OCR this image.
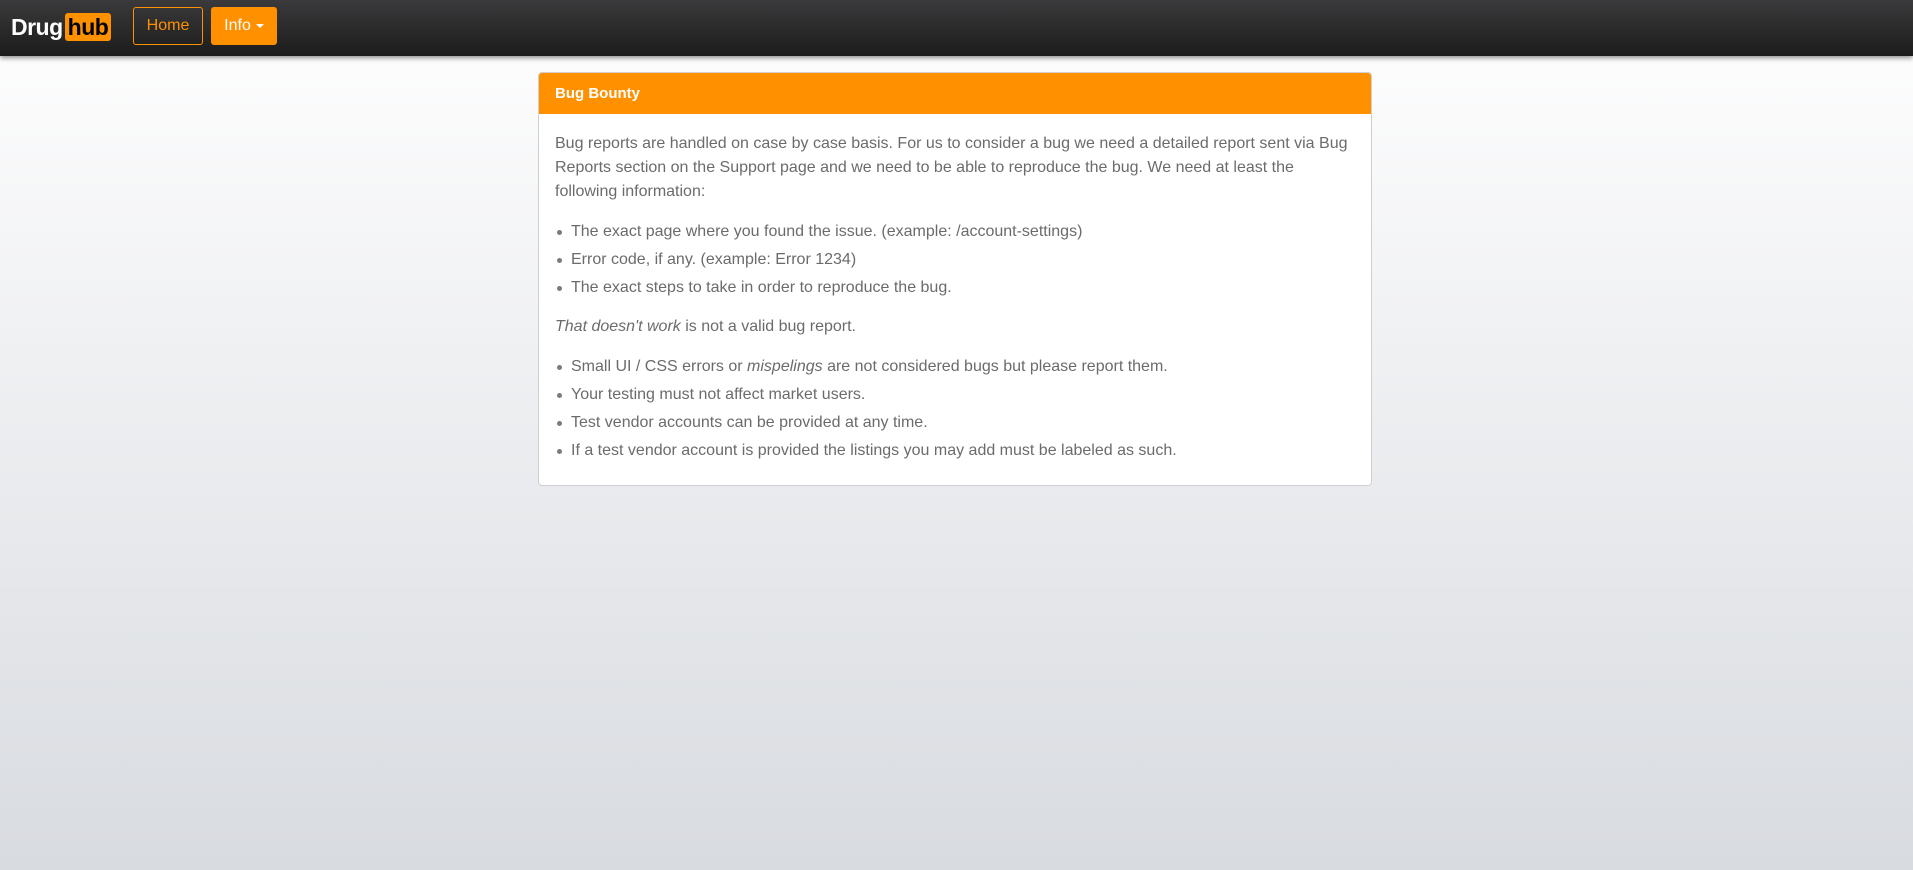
Drug hub Home Info
Bug Bounty

Bug reports are handled on case by case basis. For us to consider a bug we need a detailed report sent via Bug Reports section on the Support page and we need to be able to reproduce the bug. We need at least the following information:

The exact page where you found the issue. (example: /account-settings)
Error code, if any. (example: Error 1234)
The exact steps to take in order to reproduce the bug.

That doesn't work is not a valid bug report.

Small UI / CSS errors or mispelings are not considered bugs but please report them.
Your testing must not affect market users.
Test vendor accounts can be provided at any time.
If a test vendor account is provided the listings you may add must be labeled as such.
